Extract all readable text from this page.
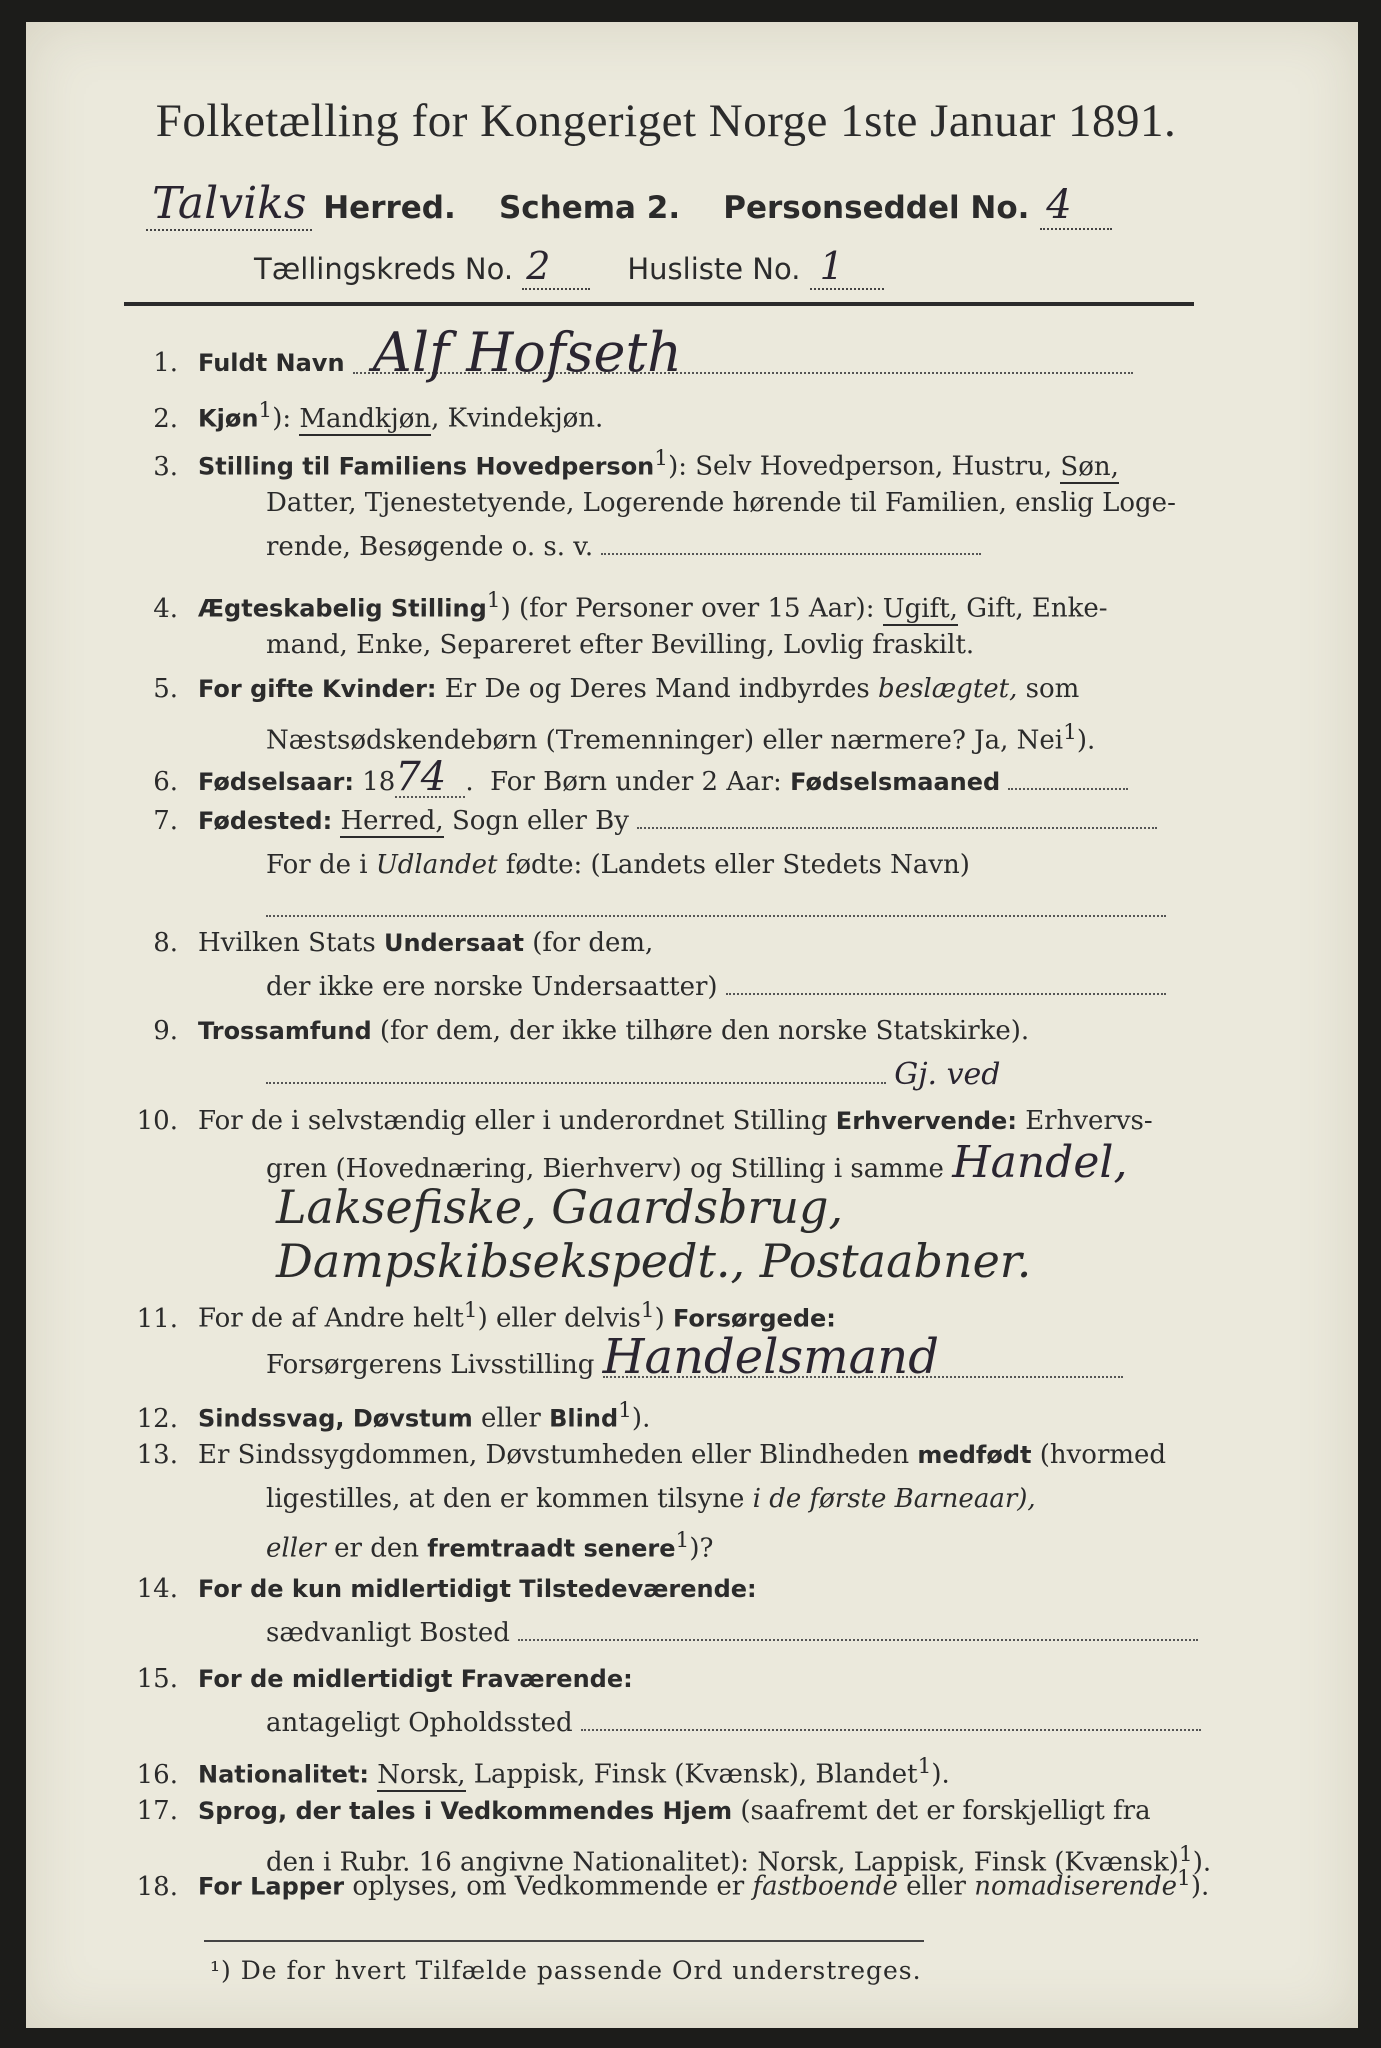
Folketælling for Kongeriget Norge 1ste Januar 1891.
Talviks Herred. Schema 2. Personseddel No. 4
Tællingskreds No. 2	Husliste No. 1
1. Fuldt Navn Alf Hofseth
2. Kjøn$^1$): Mandkjøn, Kvindekjøn.
3. Stilling til Familiens Hovedperson$^1$): Selv Hovedperson, Hustru, Søn,
Datter, Tjenestetyende, Logerende hørende til Familien, enslig Loge-
rende, Besøgende o. s. v.
4. Ægteskabelig Stilling$^1$) (for Personer over 15 Aar): Ugift, Gift, Enke-
mand, Enke, Separeret efter Bevilling, Lovlig fraskilt.
5. For gifte Kvinder: Er De og Deres Mand indbyrdes beslægtet, som
Næstsødskendebørn (Tremenninger) eller nærmere? Ja, Nei$^1$).
6. Fødselsaar: 1874 .  For Børn under 2 Aar: Fødselsmaaned
7. Fødested: Herred, Sogn eller By
For de i Udlandet fødte: (Landets eller Stedets Navn)
8. Hvilken Stats Undersaat (for dem,
der ikke ere norske Undersaatter)
9. Trossamfund (for dem, der ikke tilhøre den norske Statskirke).
Gj. ved
10. For de i selvstændig eller i underordnet Stilling Erhvervende: Erhvervs-
gren (Hovednæring, Bierhverv) og Stilling i samme Handel,
Laksefiske, Gaardsbrug,
Dampskibsekspedt., Postaabner.
11. For de af Andre helt$^1$) eller delvis$^1$) Forsørgede:
Forsørgerens Livsstilling Handelsmand
12. Sindssvag, Døvstum eller Blind$^1$).
13. Er Sindssygdommen, Døvstumheden eller Blindheden medfødt (hvormed
ligestilles, at den er kommen tilsyne i de første Barneaar),
eller er den fremtraadt senere$^1$)?
14. For de kun midlertidigt Tilstedeværende:
sædvanligt Bosted
15. For de midlertidigt Fraværende:
antageligt Opholdssted
16. Nationalitet: Norsk, Lappisk, Finsk (Kvænsk), Blandet$^1$).
17. Sprog, der tales i Vedkommendes Hjem (saafremt det er forskjelligt fra
den i Rubr. 16 angivne Nationalitet): Norsk, Lappisk, Finsk (Kvænsk)$^1$).
18. For Lapper oplyses, om Vedkommende er fastboende eller nomadiserende$^1$).
¹) De for hvert Tilfælde passende Ord understreges.
